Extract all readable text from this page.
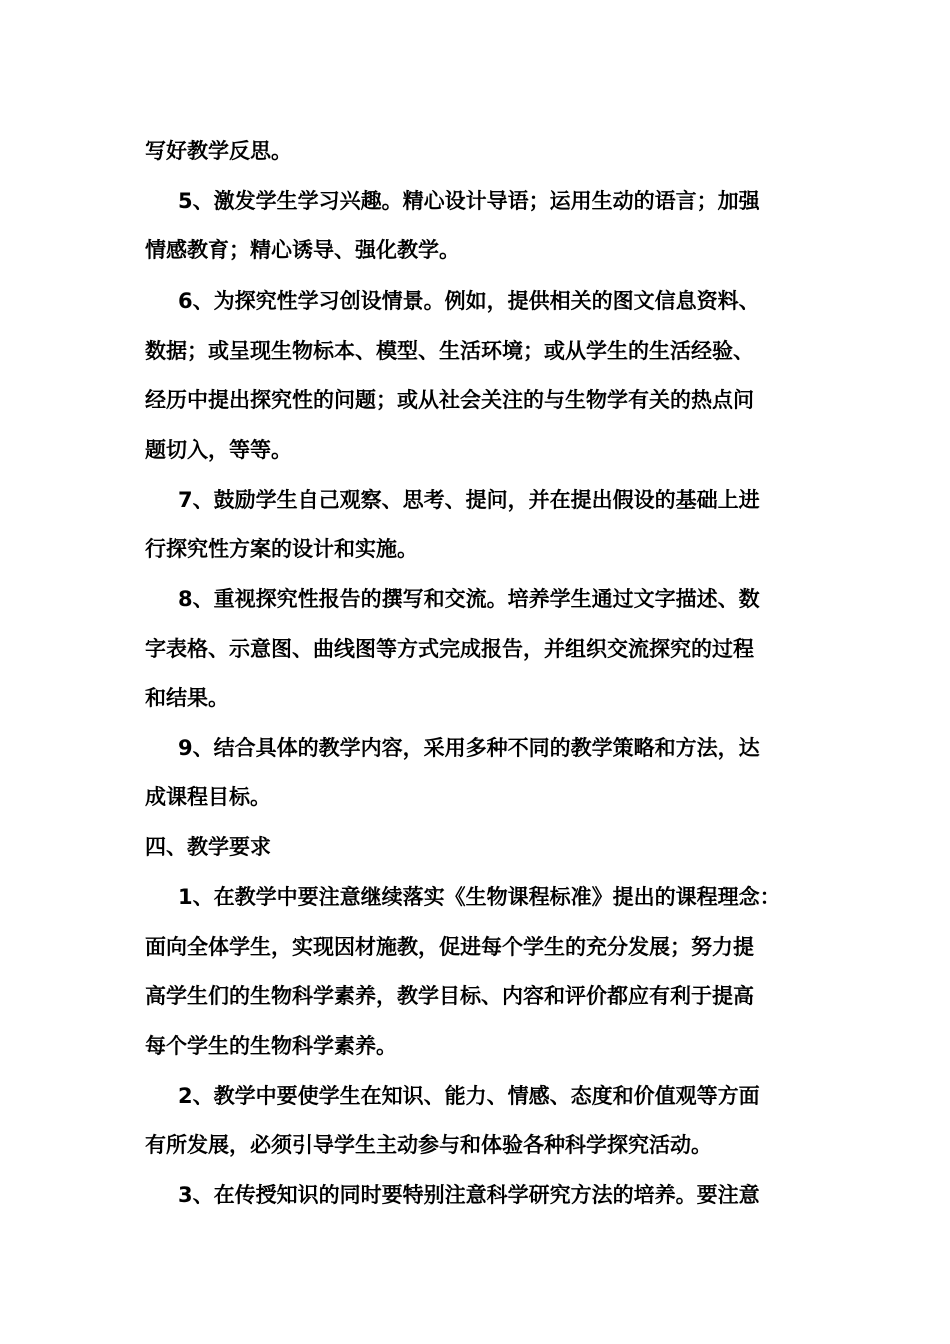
写好教学反思。
5、激发学生学习兴趣。精心设计导语；运用生动的语言；加强
情感教育；精心诱导、强化教学。
6、为探究性学习创设情景。例如，提供相关的图文信息资料、
数据；或呈现生物标本、模型、生活环境；或从学生的生活经验、
经历中提出探究性的问题；或从社会关注的与生物学有关的热点问
题切入，等等。
7、鼓励学生自己观察、思考、提问，并在提出假设的基础上进
行探究性方案的设计和实施。
8、重视探究性报告的撰写和交流。培养学生通过文字描述、数
字表格、示意图、曲线图等方式完成报告，并组织交流探究的过程
和结果。
9、结合具体的教学内容，采用多种不同的教学策略和方法，达
成课程目标。
四、教学要求
1、在教学中要注意继续落实《生物课程标准》提出的课程理念：
面向全体学生，实现因材施教，促进每个学生的充分发展；努力提
高学生们的生物科学素养，教学目标、内容和评价都应有利于提高
每个学生的生物科学素养。
2、教学中要使学生在知识、能力、情感、态度和价值观等方面
有所发展，必须引导学生主动参与和体验各种科学探究活动。
3、在传授知识的同时要特别注意科学研究方法的培养。要注意
